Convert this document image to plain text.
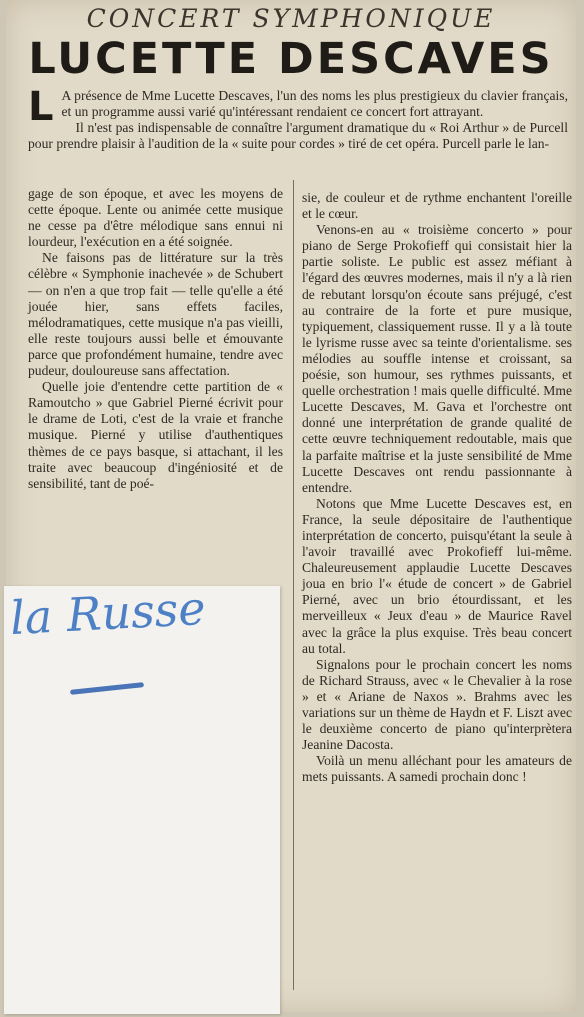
CONCERT SYMPHONIQUE
LUCETTE DESCAVES
L A présence de Mme Lucette Descaves, l'un des noms les plus prestigieux du clavier français, et un programme aussi varié qu'intéressant rendaient ce concert fort attrayant.

Il n'est pas indispensable de connaître l'argument dramatique du « Roi Arthur » de Purcell pour prendre plaisir à l'audition de la « suite pour cordes » tiré de cet opéra. Purcell parle le lan-

gage de son époque, et avec les moyens de cette époque. Lente ou animée cette musique ne cesse pa d'être mélodique sans ennui ni lourdeur, l'exécution en a été soignée.

Ne faisons pas de littérature sur la très célèbre « Symphonie inachevée » de Schubert — on n'en a que trop fait — telle qu'elle a été jouée hier, sans effets faciles, mélodramatiques, cette musique n'a pas vieilli, elle reste toujours aussi belle et émouvante parce que profondément humaine, tendre avec pudeur, douloureuse sans affectation.

Quelle joie d'entendre cette partition de « Ramoutcho » que Gabriel Pierné écrivit pour le drame de Loti, c'est de la vraie et franche musique. Pierné y utilise d'authentiques thèmes de ce pays basque, si attachant, il les traite avec beaucoup d'ingéniosité et de sensibilité, tant de poé-

sie, de couleur et de rythme enchantent l'oreille et le cœur.

Venons-en au « troisième concerto » pour piano de Serge Prokofieff qui consistait hier la partie soliste. Le public est assez méfiant à l'égard des œuvres modernes, mais il n'y a là rien de rebutant lorsqu'on écoute sans préjugé, c'est au contraire de la forte et pure musique, typiquement, classiquement russe. Il y a là toute le lyrisme russe avec sa teinte d'orientalisme. ses mélodies au souffle intense et croissant, sa poésie, son humour, ses rythmes puissants, et quelle orchestration ! mais quelle difficulté. Mme Lucette Descaves, M. Gava et l'orchestre ont donné une interprétation de grande qualité de cette œuvre techniquement redoutable, mais que la parfaite maîtrise et la juste sensibilité de Mme Lucette Descaves ont rendu passionnante à entendre.

Notons que Mme Lucette Descaves est, en France, la seule dépositaire de l'authentique interprétation de concerto, puisqu'étant la seule à l'avoir travaillé avec Prokofieff lui-même. Chaleureusement applaudie Lucette Descaves joua en brio l'« étude de concert » de Gabriel Pierné, avec un brio étourdissant, et les merveilleux « Jeux d'eau » de Maurice Ravel avec la grâce la plus exquise. Très beau concert au total.

Signalons pour le prochain concert les noms de Richard Strauss, avec « le Chevalier à la rose » et « Ariane de Naxos ». Brahms avec les variations sur un thème de Haydn et F. Liszt avec le deuxième concerto de piano qu'interprètera Jeanine Dacosta.

Voilà un menu alléchant pour les amateurs de mets puissants. A samedi prochain donc !

la Russe
